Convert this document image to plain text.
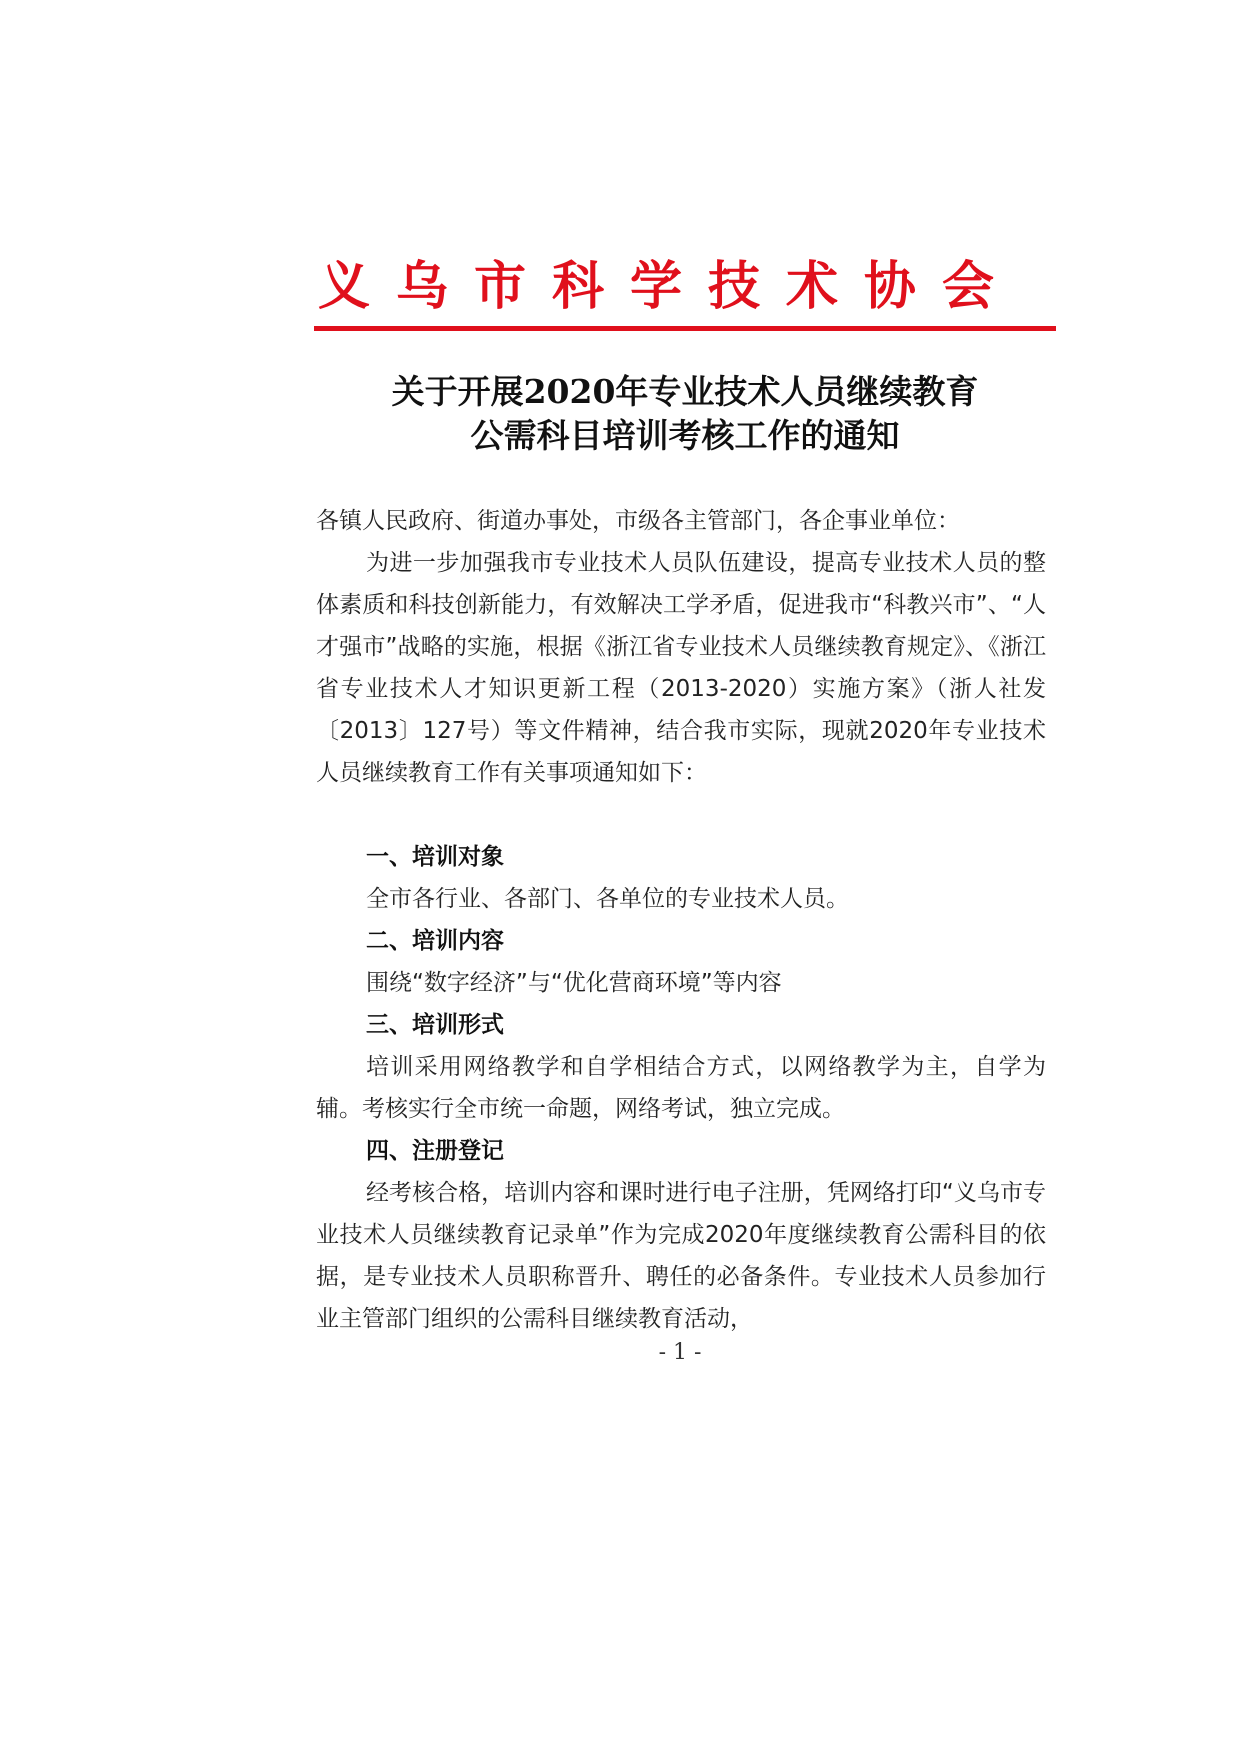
义乌市科学技术协会
关于开展2020年专业技术人员继续教育
公需科目培训考核工作的通知
各镇人民政府、街道办事处，市级各主管部门，各企事业单位：
为进一步加强我市专业技术人员队伍建设，提高专业技术人员的整体素质和科技创新能力，有效解决工学矛盾，促进我市“科教兴市”、“人才强市”战略的实施，根据《浙江省专业技术人员继续教育规定》、《浙江省专业技术人才知识更新工程（2013-2020）实施方案》（浙人社发〔2013〕127号）等文件精神，结合我市实际，现就2020年专业技术人员继续教育工作有关事项通知如下：
一、培训对象
全市各行业、各部门、各单位的专业技术人员。
二、培训内容
围绕“数字经济”与“优化营商环境”等内容
三、培训形式
培训采用网络教学和自学相结合方式，以网络教学为主，自学为辅。考核实行全市统一命题，网络考试，独立完成。
四、注册登记
经考核合格，培训内容和课时进行电子注册，凭网络打印“义乌市专业技术人员继续教育记录单”作为完成2020年度继续教育公需科目的依据，是专业技术人员职称晋升、聘任的必备条件。专业技术人员参加行业主管部门组织的公需科目继续教育活动，
- 1 -
